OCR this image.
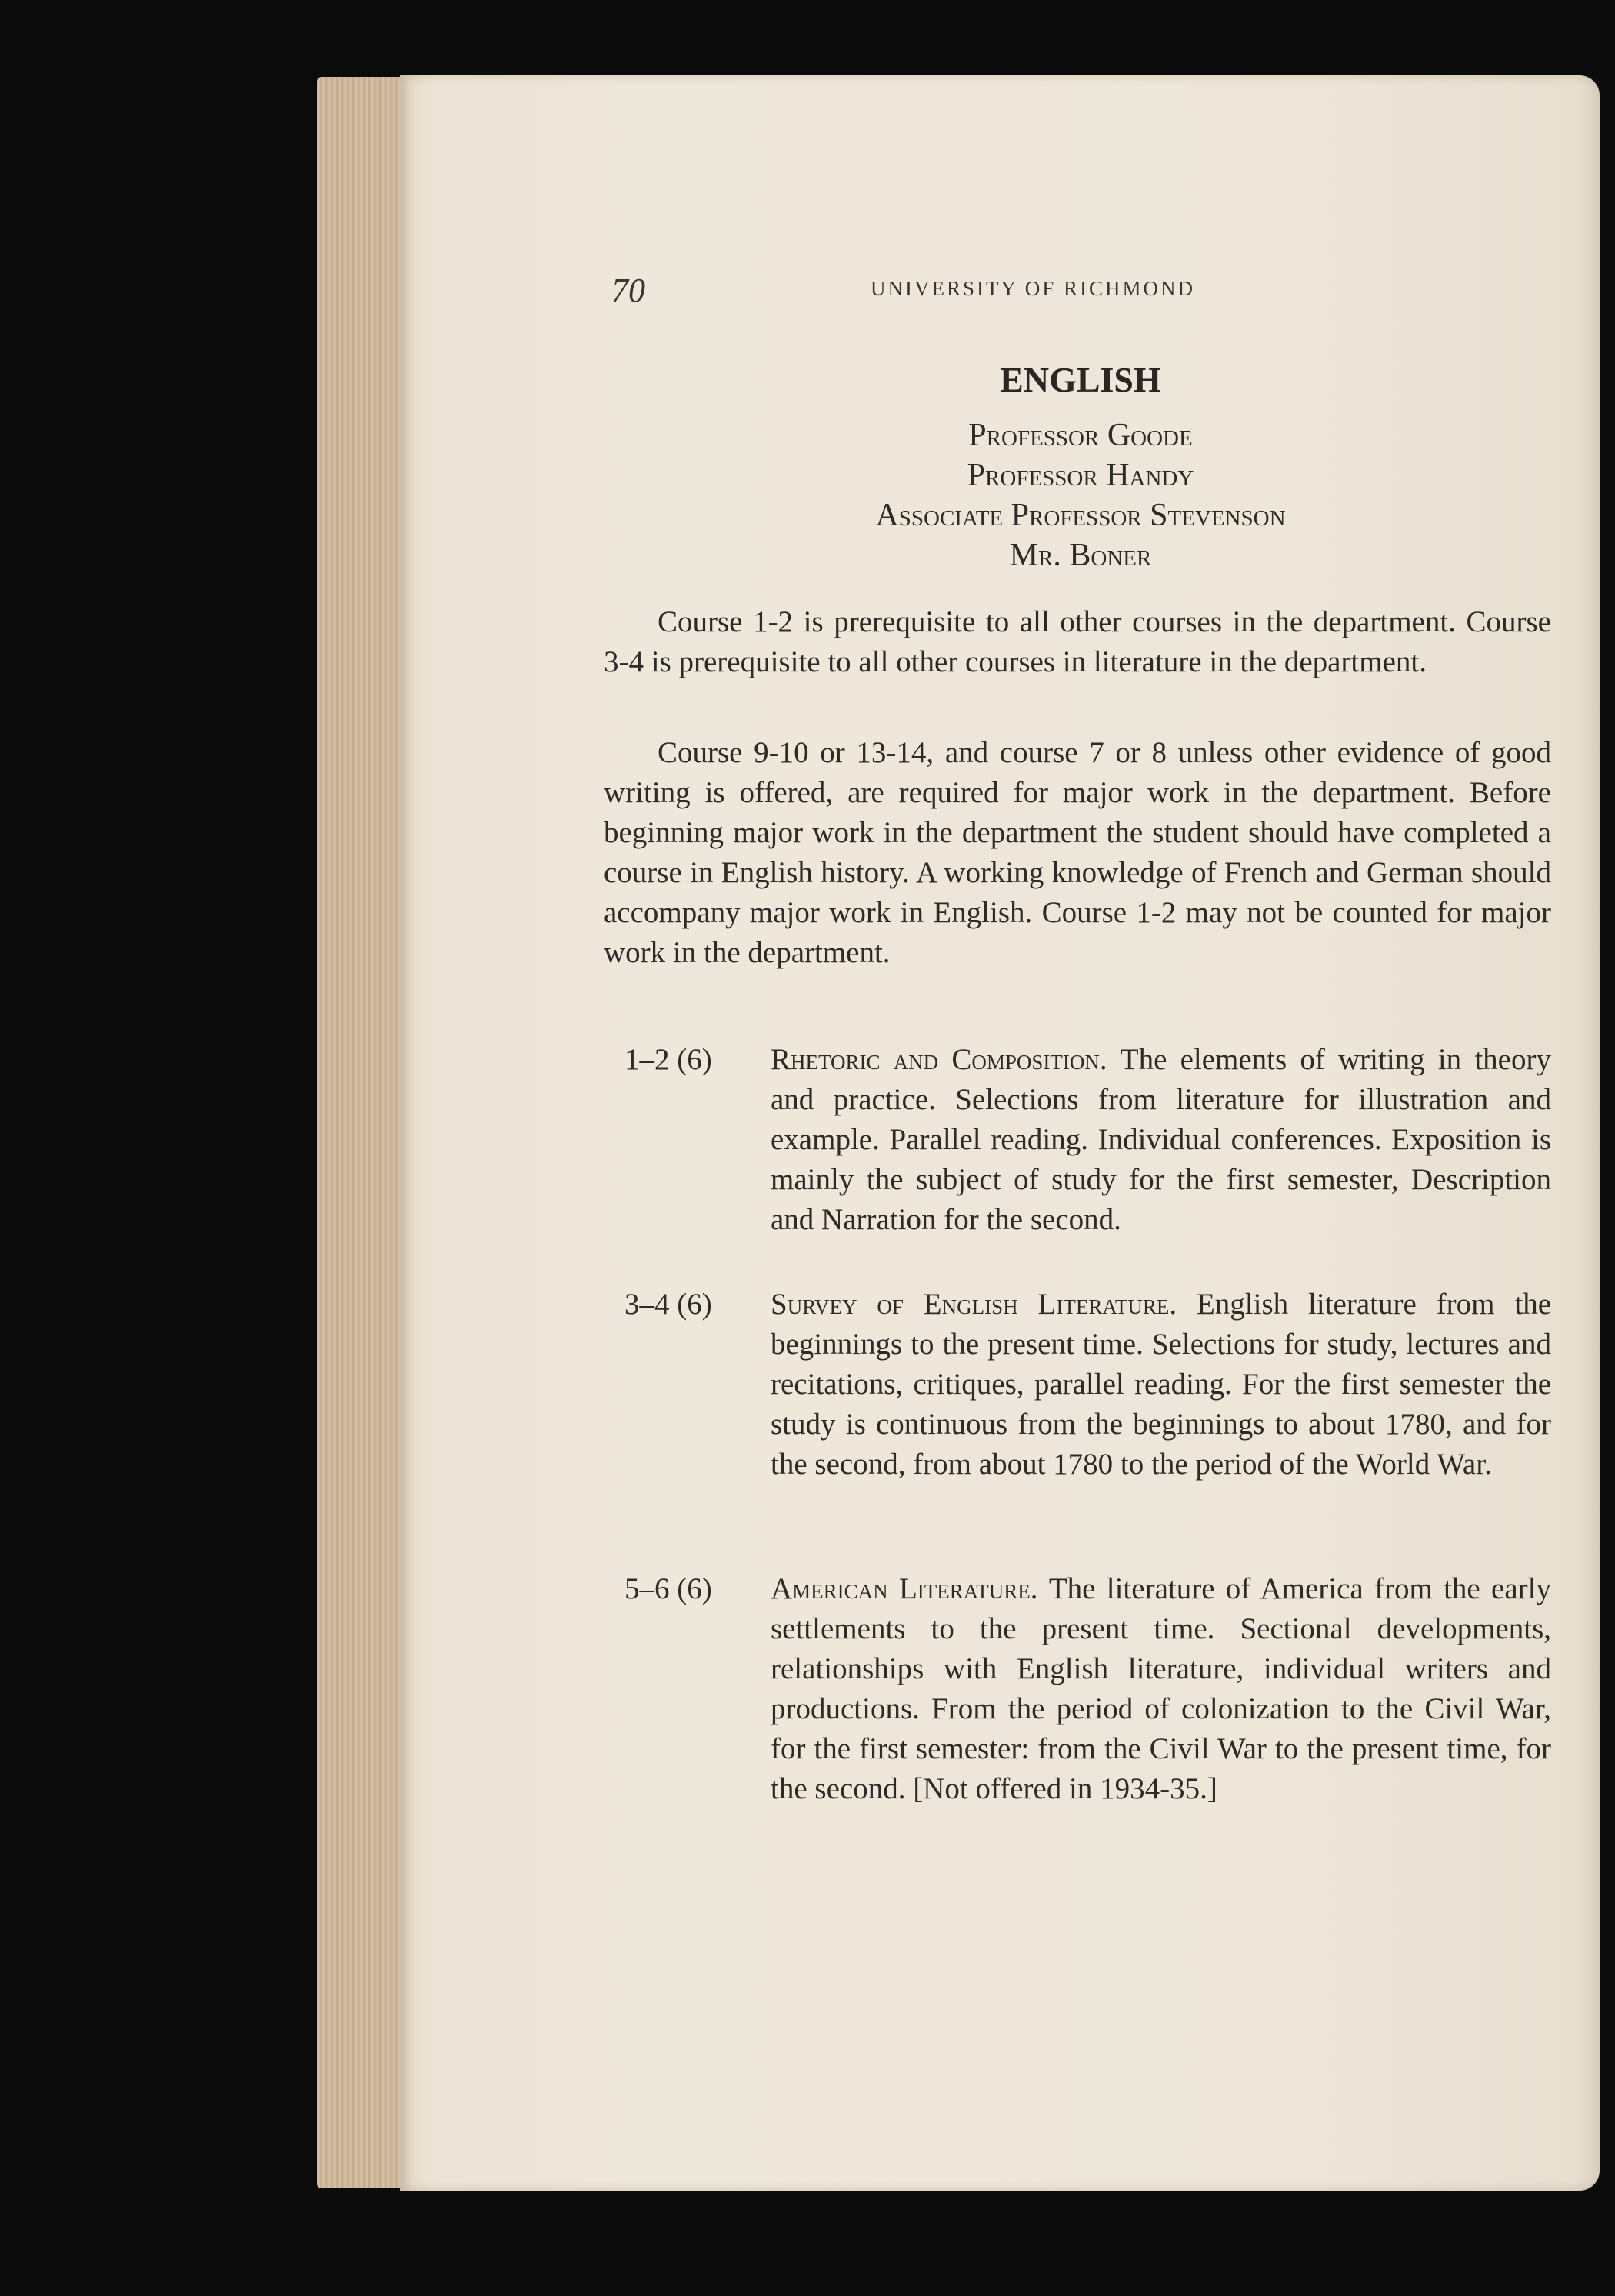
70	UNIVERSITY OF RICHMOND
ENGLISH
Professor Goode
Professor Handy
Associate Professor Stevenson
Mr. Boner

Course 1-2 is prerequisite to all other courses in the department. Course 3-4 is prerequisite to all other courses in literature in the department.

Course 9-10 or 13-14, and course 7 or 8 unless other evidence of good writing is offered, are required for major work in the department. Before beginning major work in the department the student should have completed a course in English history. A working knowledge of French and German should accompany major work in English. Course 1-2 may not be counted for major work in the department.

1–2 (6)	Rhetoric and Composition. The elements of writing in theory and practice. Selections from literature for illustration and example. Parallel reading. Individual conferences. Exposition is mainly the subject of study for the first semester, Description and Narration for the second.
3–4 (6)	Survey of English Literature. English literature from the beginnings to the present time. Selections for study, lectures and recitations, critiques, parallel reading. For the first semester the study is continuous from the beginnings to about 1780, and for the second, from about 1780 to the period of the World War.
5–6 (6)	American Literature. The literature of America from the early settlements to the present time. Sectional developments, relationships with English literature, individual writers and productions. From the period of colonization to the Civil War, for the first semester: from the Civil War to the present time, for the second. [Not offered in 1934-35.]
